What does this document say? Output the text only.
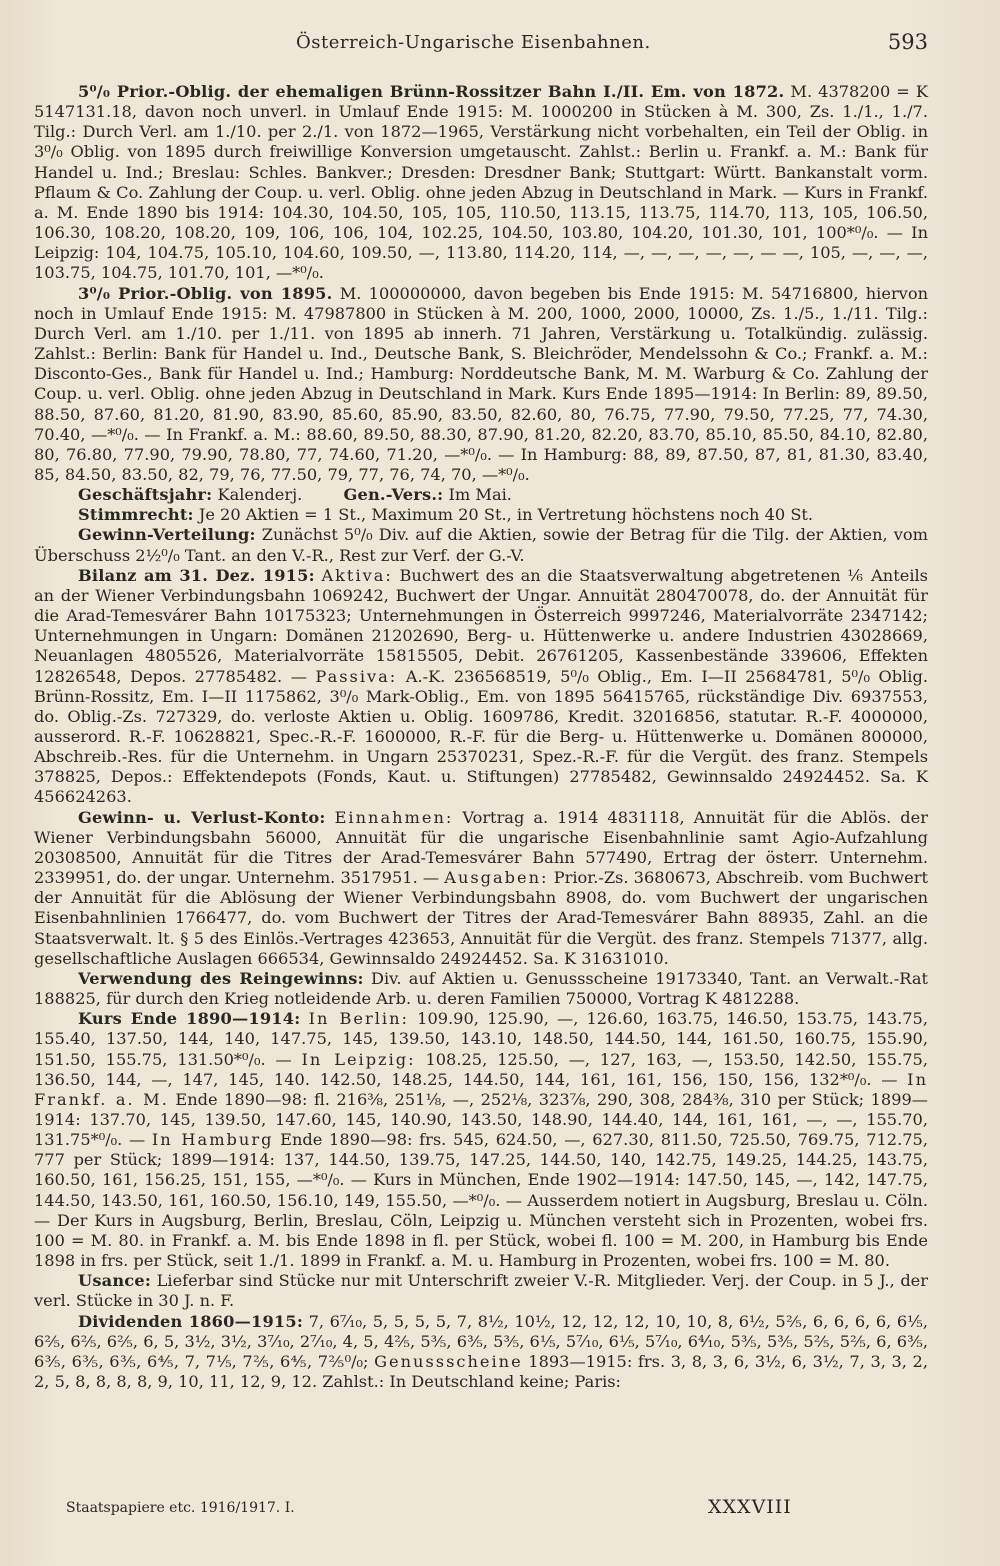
Österreich-Ungarische Eisenbahnen.	593

5⁰/₀ Prior.-Oblig. der ehemaligen Brünn-Rossitzer Bahn I./II. Em. von 1872. M. 4378200 = K 5147131.18, davon noch unverl. in Umlauf Ende 1915: M. 1000200 in Stücken à M. 300, Zs. 1./1., 1./7. Tilg.: Durch Verl. am 1./10. per 2./1. von 1872—1965, Verstärkung nicht vorbehalten, ein Teil der Oblig. in 3⁰/₀ Oblig. von 1895 durch freiwillige Konversion umgetauscht. Zahlst.: Berlin u. Frankf. a. M.: Bank für Handel u. Ind.; Breslau: Schles. Bankver.; Dresden: Dresdner Bank; Stuttgart: Württ. Bankanstalt vorm. Pflaum & Co. Zahlung der Coup. u. verl. Oblig. ohne jeden Abzug in Deutschland in Mark. — Kurs in Frankf. a. M. Ende 1890 bis 1914: 104.30, 104.50, 105, 105, 110.50, 113.15, 113.75, 114.70, 113, 105, 106.50, 106.30, 108.20, 108.20, 109, 106, 106, 104, 102.25, 104.50, 103.80, 104.20, 101.30, 101, 100*⁰/₀. — In Leipzig: 104, 104.75, 105.10, 104.60, 109.50, —, 113.80, 114.20, 114, —, —, —, —, —, — —, 105, —, —, —, 103.75, 104.75, 101.70, 101, —*⁰/₀.

3⁰/₀ Prior.-Oblig. von 1895. M. 100000000, davon begeben bis Ende 1915: M. 54716800, hiervon noch in Umlauf Ende 1915: M. 47987800 in Stücken à M. 200, 1000, 2000, 10000, Zs. 1./5., 1./11. Tilg.: Durch Verl. am 1./10. per 1./11. von 1895 ab innerh. 71 Jahren, Verstärkung u. Totalkündig. zulässig. Zahlst.: Berlin: Bank für Handel u. Ind., Deutsche Bank, S. Bleichröder, Mendelssohn & Co.; Frankf. a. M.: Disconto-Ges., Bank für Handel u. Ind.; Hamburg: Norddeutsche Bank, M. M. Warburg & Co. Zahlung der Coup. u. verl. Oblig. ohne jeden Abzug in Deutschland in Mark. Kurs Ende 1895—1914: In Berlin: 89, 89.50, 88.50, 87.60, 81.20, 81.90, 83.90, 85.60, 85.90, 83.50, 82.60, 80, 76.75, 77.90, 79.50, 77.25, 77, 74.30, 70.40, —*⁰/₀. — In Frankf. a. M.: 88.60, 89.50, 88.30, 87.90, 81.20, 82.20, 83.70, 85.10, 85.50, 84.10, 82.80, 80, 76.80, 77.90, 79.90, 78.80, 77, 74.60, 71.20, —*⁰/₀. — In Hamburg: 88, 89, 87.50, 87, 81, 81.30, 83.40, 85, 84.50, 83.50, 82, 79, 76, 77.50, 79, 77, 76, 74, 70, —*⁰/₀.

Geschäftsjahr: Kalenderj.	Gen.-Vers.: Im Mai.

Stimmrecht: Je 20 Aktien = 1 St., Maximum 20 St., in Vertretung höchstens noch 40 St.

Gewinn-Verteilung: Zunächst 5⁰/₀ Div. auf die Aktien, sowie der Betrag für die Tilg. der Aktien, vom Überschuss 2½⁰/₀ Tant. an den V.-R., Rest zur Verf. der G.-V.

Bilanz am 31. Dez. 1915: Aktiva: Buchwert des an die Staatsverwaltung abgetretenen ⅙ Anteils an der Wiener Verbindungsbahn 1069242, Buchwert der Ungar. Annuität 280470078, do. der Annuität für die Arad-Temesvárer Bahn 10175323; Unternehmungen in Österreich 9997246, Materialvorräte 2347142; Unternehmungen in Ungarn: Domänen 21202690, Berg- u. Hüttenwerke u. andere Industrien 43028669, Neuanlagen 4805526, Materialvorräte 15815505, Debit. 26761205, Kassenbestände 339606, Effekten 12826548, Depos. 27785482. — Passiva: A.-K. 236568519, 5⁰/₀ Oblig., Em. I—II 25684781, 5⁰/₀ Oblig. Brünn-Rossitz, Em. I—II 1175862, 3⁰/₀ Mark-Oblig., Em. von 1895 56415765, rückständige Div. 6937553, do. Oblig.-Zs. 727329, do. verloste Aktien u. Oblig. 1609786, Kredit. 32016856, statutar. R.-F. 4000000, ausserord. R.-F. 10628821, Spec.-R.-F. 1600000, R.-F. für die Berg- u. Hüttenwerke u. Domänen 800000, Abschreib.-Res. für die Unternehm. in Ungarn 25370231, Spez.-R.-F. für die Vergüt. des franz. Stempels 378825, Depos.: Effektendepots (Fonds, Kaut. u. Stiftungen) 27785482, Gewinnsaldo 24924452. Sa. K 456624263.

Gewinn- u. Verlust-Konto: Einnahmen: Vortrag a. 1914 4831118, Annuität für die Ablös. der Wiener Verbindungsbahn 56000, Annuität für die ungarische Eisenbahnlinie samt Agio-Aufzahlung 20308500, Annuität für die Titres der Arad-Temesvárer Bahn 577490, Ertrag der österr. Unternehm. 2339951, do. der ungar. Unternehm. 3517951. — Ausgaben: Prior.-Zs. 3680673, Abschreib. vom Buchwert der Annuität für die Ablösung der Wiener Verbindungsbahn 8908, do. vom Buchwert der ungarischen Eisenbahnlinien 1766477, do. vom Buchwert der Titres der Arad-Temesvárer Bahn 88935, Zahl. an die Staatsverwalt. lt. § 5 des Einlös.-Vertrages 423653, Annuität für die Vergüt. des franz. Stempels 71377, allg. gesellschaftliche Auslagen 666534, Gewinnsaldo 24924452. Sa. K 31631010.

Verwendung des Reingewinns: Div. auf Aktien u. Genussscheine 19173340, Tant. an Verwalt.-Rat 188825, für durch den Krieg notleidende Arb. u. deren Familien 750000, Vortrag K 4812288.

Kurs Ende 1890—1914: In Berlin: 109.90, 125.90, —, 126.60, 163.75, 146.50, 153.75, 143.75, 155.40, 137.50, 144, 140, 147.75, 145, 139.50, 143.10, 148.50, 144.50, 144, 161.50, 160.75, 155.90, 151.50, 155.75, 131.50*⁰/₀. — In Leipzig: 108.25, 125.50, —, 127, 163, —, 153.50, 142.50, 155.75, 136.50, 144, —, 147, 145, 140. 142.50, 148.25, 144.50, 144, 161, 161, 156, 150, 156, 132*⁰/₀. — In Frankf. a. M. Ende 1890—98: fl. 216⅜, 251⅛, —, 252⅛, 323⅞, 290, 308, 284⅜, 310 per Stück; 1899—1914: 137.70, 145, 139.50, 147.60, 145, 140.90, 143.50, 148.90, 144.40, 144, 161, 161, —, —, 155.70, 131.75*⁰/₀. — In Hamburg Ende 1890—98: frs. 545, 624.50, —, 627.30, 811.50, 725.50, 769.75, 712.75, 777 per Stück; 1899—1914: 137, 144.50, 139.75, 147.25, 144.50, 140, 142.75, 149.25, 144.25, 143.75, 160.50, 161, 156.25, 151, 155, —*⁰/₀. — Kurs in München, Ende 1902—1914: 147.50, 145, —, 142, 147.75, 144.50, 143.50, 161, 160.50, 156.10, 149, 155.50, —*⁰/₀. — Ausserdem notiert in Augsburg, Breslau u. Cöln. — Der Kurs in Augsburg, Berlin, Breslau, Cöln, Leipzig u. München versteht sich in Prozenten, wobei frs. 100 = M. 80. in Frankf. a. M. bis Ende 1898 in fl. per Stück, wobei fl. 100 = M. 200, in Hamburg bis Ende 1898 in frs. per Stück, seit 1./1. 1899 in Frankf. a. M. u. Hamburg in Prozenten, wobei frs. 100 = M. 80.

Usance: Lieferbar sind Stücke nur mit Unterschrift zweier V.-R. Mitglieder. Verj. der Coup. in 5 J., der verl. Stücke in 30 J. n. F.

Dividenden 1860—1915: 7, 6⁷⁄₁₀, 5, 5, 5, 5, 7, 8½, 10½, 12, 12, 12, 10, 10, 8, 6½, 5⅖, 6, 6, 6, 6, 6⅕, 6⅖, 6⅖, 6⅖, 6, 5, 3½, 3½, 3⁷⁄₁₀, 2⁷⁄₁₀, 4, 5, 4⅖, 5⅗, 6⅗, 5⅗, 6⅕, 5⁷⁄₁₀, 6⅕, 5⁷⁄₁₀, 6⁴⁄₁₀, 5⅗, 5⅗, 5⅖, 5⅖, 6, 6⅗, 6⅗, 6⅗, 6⅗, 6⅘, 7, 7⅕, 7⅖, 6⅘, 7⅖⁰/₀; Genussscheine 1893—1915: frs. 3, 8, 3, 6, 3½, 6, 3½, 7, 3, 3, 2, 2, 5, 8, 8, 8, 8, 9, 10, 11, 12, 9, 12. Zahlst.: In Deutschland keine; Paris:

Staatspapiere etc. 1916/1917. I.	XXXVIII
